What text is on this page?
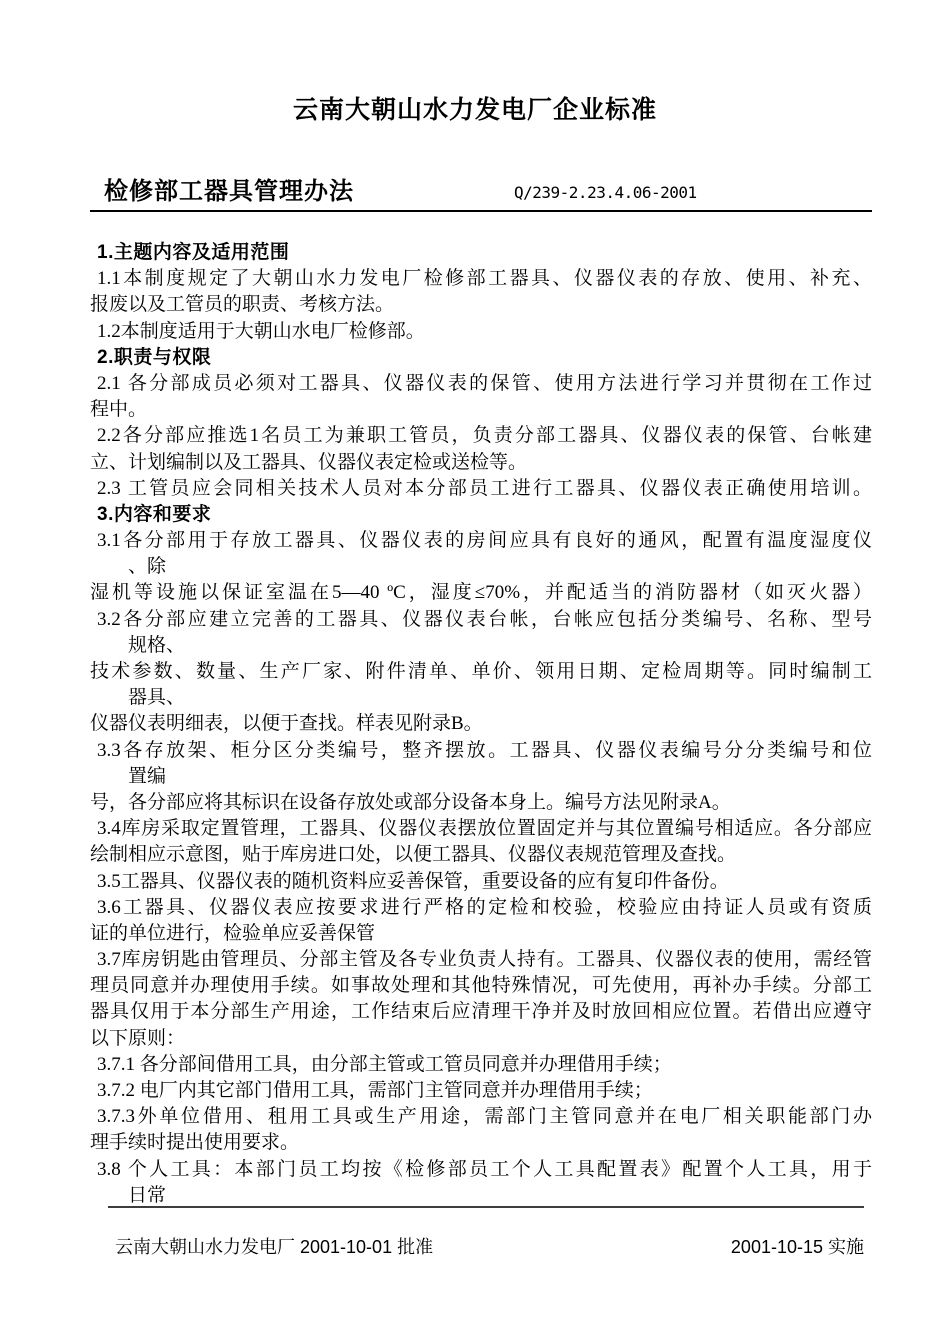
云南大朝山水力发电厂企业标准
检修部工器具管理办法	Q/239-2.23.4.06-2001
1.主题内容及适用范围
1.1本制度规定了大朝山水力发电厂检修部工器具、仪器仪表的存放、使用、补充、
报废以及工管员的职责、考核方法。
1.2本制度适用于大朝山水电厂检修部。
2.职责与权限
2.1 各分部成员必须对工器具、仪器仪表的保管、使用方法进行学习并贯彻在工作过
程中。
2.2各分部应推选1名员工为兼职工管员，负责分部工器具、仪器仪表的保管、台帐建
立、计划编制以及工器具、仪器仪表定检或送检等。
2.3 工管员应会同相关技术人员对本分部员工进行工器具、仪器仪表正确使用培训。
3.内容和要求
3.1各分部用于存放工器具、仪器仪表的房间应具有良好的通风，配置有温度湿度仪
、除
湿机等设施以保证室温在5—40 ºC，湿度≤70%，并配适当的消防器材（如灭火器）
3.2各分部应建立完善的工器具、仪器仪表台帐，台帐应包括分类编号、名称、型号
规格、
技术参数、数量、生产厂家、附件清单、单价、领用日期、定检周期等。同时编制工
器具、
仪器仪表明细表，以便于查找。样表见附录B。
3.3各存放架、柜分区分类编号，整齐摆放。工器具、仪器仪表编号分分类编号和位
置编
号，各分部应将其标识在设备存放处或部分设备本身上。编号方法见附录A。
3.4库房采取定置管理，工器具、仪器仪表摆放位置固定并与其位置编号相适应。各分部应
绘制相应示意图，贴于库房进口处，以便工器具、仪器仪表规范管理及查找。
3.5工器具、仪器仪表的随机资料应妥善保管，重要设备的应有复印件备份。
3.6工器具、仪器仪表应按要求进行严格的定检和校验，校验应由持证人员或有资质
证的单位进行，检验单应妥善保管
3.7库房钥匙由管理员、分部主管及各专业负责人持有。工器具、仪器仪表的使用，需经管
理员同意并办理使用手续。如事故处理和其他特殊情况，可先使用，再补办手续。分部工
器具仅用于本分部生产用途，工作结束后应清理干净并及时放回相应位置。若借出应遵守
以下原则：
3.7.1 各分部间借用工具，由分部主管或工管员同意并办理借用手续；
3.7.2 电厂内其它部门借用工具，需部门主管同意并办理借用手续；
3.7.3外单位借用、租用工具或生产用途，需部门主管同意并在电厂相关职能部门办
理手续时提出使用要求。
3.8 个人工具：本部门员工均按《检修部员工个人工具配置表》配置个人工具，用于
日常
云南大朝山水力发电厂 2001-10-01 批准	2001-10-15 实施
